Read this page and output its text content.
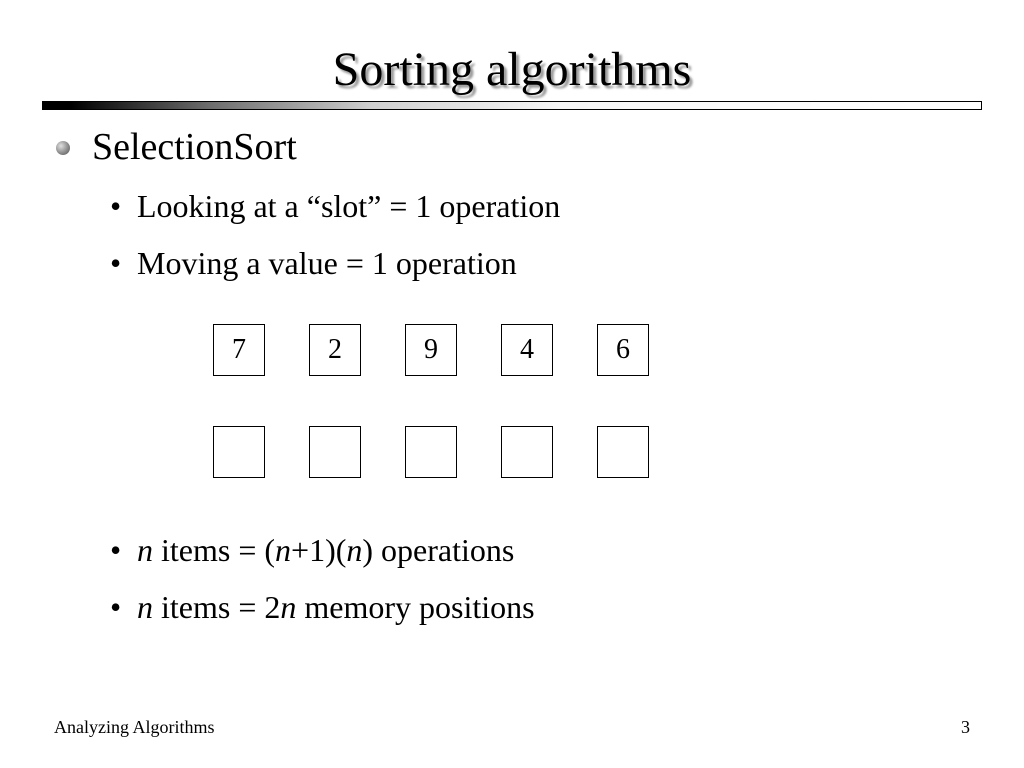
Sorting algorithms
SelectionSort
• Looking at a “slot” = 1 operation
• Moving a value = 1 operation
7	2	9	4	6
• n items = (n+1)(n) operations
• n items = 2n memory positions
Analyzing Algorithms	3
